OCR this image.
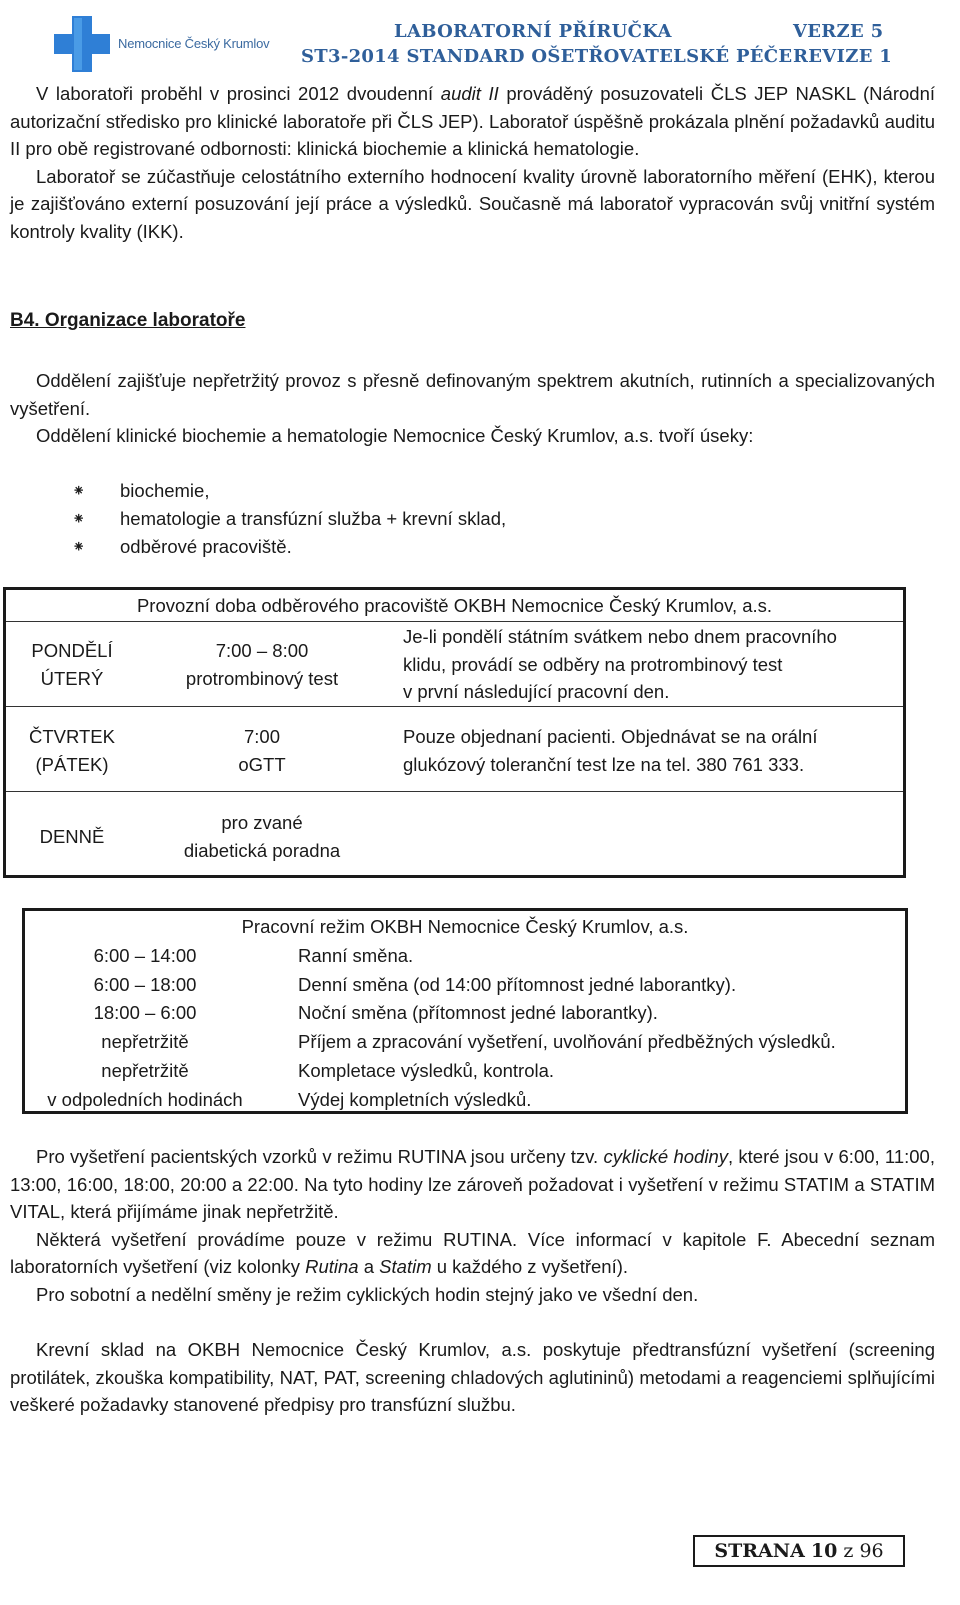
Nemocnice Český Krumlov
LABORATORNÍ PŘÍRUČKA
ST3-2014 STANDARD OŠETŘOVATELSKÉ PÉČE
VERZE 5
REVIZE 1

V laboratoři proběhl v prosinci 2012 dvoudenní audit II prováděný posuzovateli ČLS JEP NASKL (Národní autorizační středisko pro klinické laboratoře při ČLS JEP). Laboratoř úspěšně prokázala plnění požadavků auditu II pro obě registrované odbornosti: klinická biochemie a klinická hematologie.

Laboratoř se zúčastňuje celostátního externího hodnocení kvality úrovně laboratorního měření (EHK), kterou je zajišťováno externí posuzování její práce a výsledků. Současně má laboratoř vypracován svůj vnitřní systém kontroly kvality (IKK).

B4. Organizace laboratoře

Oddělení zajišťuje nepřetržitý provoz s přesně definovaným spektrem akutních, rutinních a specializovaných vyšetření.

Oddělení klinické biochemie a hematologie Nemocnice Český Krumlov, a.s. tvoří úseky:

⁕ biochemie,
⁕ hematologie a transfúzní služba + krevní sklad,
⁕ odběrové pracoviště.
Provozní doba odběrového pracoviště OKBH Nemocnice Český Krumlov, a.s.
PONDĚLÍ
ÚTERÝ
7:00 – 8:00
protrombinový test
Je-li pondělí státním svátkem nebo dnem pracovního
klidu, provádí se odběry na protrombinový test
v první následující pracovní den.
ČTVRTEK
(PÁTEK)
7:00
oGTT
Pouze objednaní pacienti. Objednávat se na orální
glukózový toleranční test lze na tel. 380 761 333.
DENNĚ
pro zvané
diabetická poradna
Pracovní režim OKBH Nemocnice Český Krumlov, a.s.
6:00 – 14:00
6:00 – 18:00
18:00 – 6:00
nepřetržitě
nepřetržitě
v odpoledních hodinách
Ranní směna.
Denní směna (od 14:00 přítomnost jedné laborantky).
Noční směna (přítomnost jedné laborantky).
Příjem a zpracování vyšetření, uvolňování předběžných výsledků.
Kompletace výsledků, kontrola.
Výdej kompletních výsledků.

Pro vyšetření pacientských vzorků v režimu RUTINA jsou určeny tzv. cyklické hodiny, které jsou v 6:00, 11:00, 13:00, 16:00, 18:00, 20:00 a 22:00. Na tyto hodiny lze zároveň požadovat i vyšetření v režimu STATIM a STATIM VITAL, která přijímáme jinak nepřetržitě.

Některá vyšetření provádíme pouze v režimu RUTINA. Více informací v kapitole F. Abecední seznam laboratorních vyšetření (viz kolonky Rutina a Statim u každého z vyšetření).

Pro sobotní a nedělní směny je režim cyklických hodin stejný jako ve všední den.

Krevní sklad na OKBH Nemocnice Český Krumlov, a.s. poskytuje předtransfúzní vyšetření (screening protilátek, zkouška kompatibility, NAT, PAT, screening chladových aglutininů) metodami a reagenciemi splňujícími veškeré požadavky stanovené předpisy pro transfúzní službu.

STRANA 10 z 96
